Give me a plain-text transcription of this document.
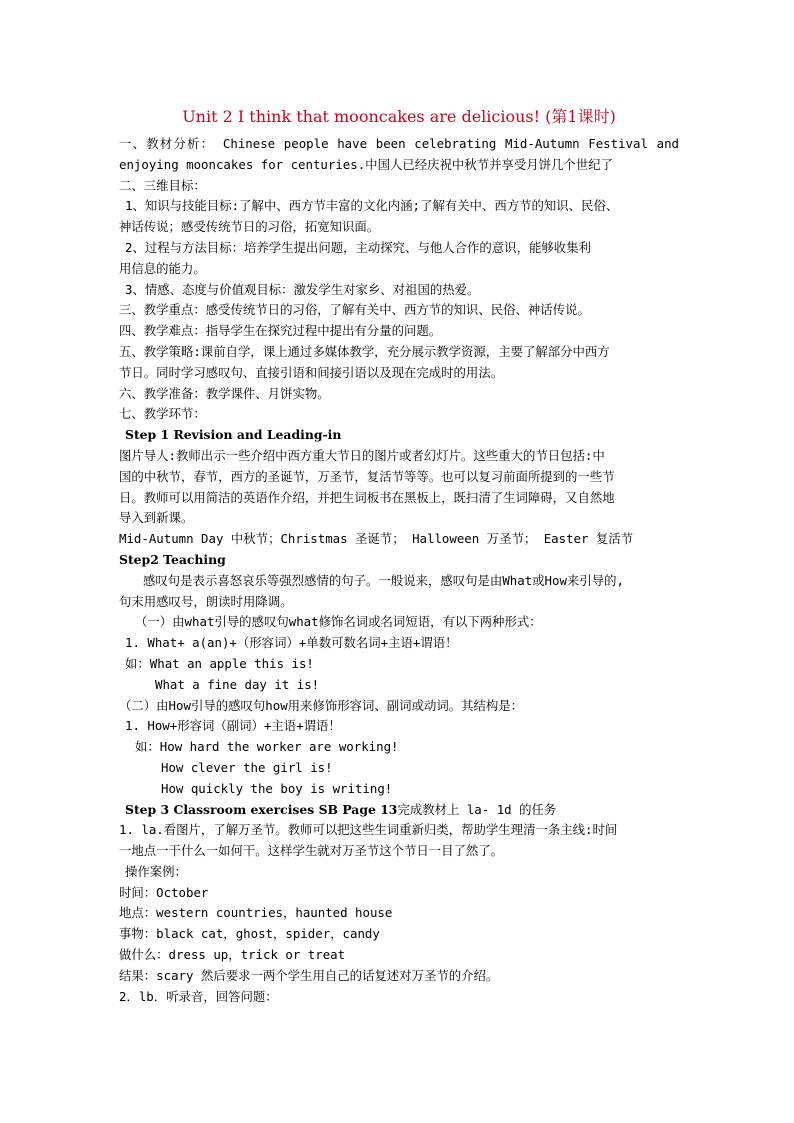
Unit 2 I think that mooncakes are delicious! (第1课时)
一、教材分析： Chinese people have been celebrating Mid-Autumn Festival and
enjoying mooncakes for centuries.中国人已经庆祝中秋节并享受月饼几个世纪了
二、三维目标：
1、知识与技能目标:了解中、西方节丰富的文化内涵;了解有关中、西方节的知识、民俗、
神话传说；感受传统节日的习俗，拓宽知识面。
2、过程与方法目标：培养学生提出问题，主动探究、与他人合作的意识，能够收集利
用信息的能力。
3、情感、态度与价值观目标：激发学生对家乡、对祖国的热爱。
三、教学重点：感受传统节日的习俗，了解有关中、西方节的知识、民俗、神话传说。
四、教学难点：指导学生在探究过程中提出有分量的问题。
五、教学策略:课前自学，课上通过多媒体教学，充分展示教学资源，主要了解部分中西方
节日。同时学习感叹句、直接引语和间接引语以及现在完成时的用法。
六、教学准备：教学课件、月饼实物。
七、教学环节：
Step 1 Revision and Leading-in
图片导人:教师出示一些介绍中西方重大节日的图片或者幻灯片。这些重大的节日包括:中
国的中秋节，春节，西方的圣诞节，万圣节，复活节等等。也可以复习前面所提到的一些节
日。教师可以用简洁的英语作介绍，并把生词板书在黑板上，既扫清了生词障碍，又自然地
导入到新课。
Mid-Autumn Day 中秋节；Christmas 圣诞节； Halloween 万圣节； Easter 复活节
Step2 Teaching
感叹句是表示喜怒哀乐等强烈感情的句子。一般说来，感叹句是由What或How来引导的,
句末用感叹号，朗读时用降调。
（一）由what引导的感叹句what修饰名词或名词短语，有以下两种形式：
1. What+ a(an)+（形容词）+单数可数名词+主语+谓语！
如：What an apple this is!
What a fine day it is!
（二）由How引导的感叹句how用来修饰形容词、副词或动词。其结构是：
1. How+形容词（副词）+主语+谓语！
如：How hard the worker are working!
How clever the girl is!
How quickly the boy is writing!
Step 3 Classroom exercises SB Page 13完成教材上 la- 1d 的任务
1. la.看图片，了解万圣节。教师可以把这些生词重新归类，帮助学生理清一条主线:时间
一地点一干什么一如何干。这样学生就对万圣节这个节日一目了然了。
操作案例：
时间：October
地点：western countries，haunted house
事物：black cat，ghost，spider，candy
做什么：dress up，trick or treat
结果：scary 然后要求一两个学生用自己的话复述对万圣节的介绍。
2．lb．听录音，回答问题：
